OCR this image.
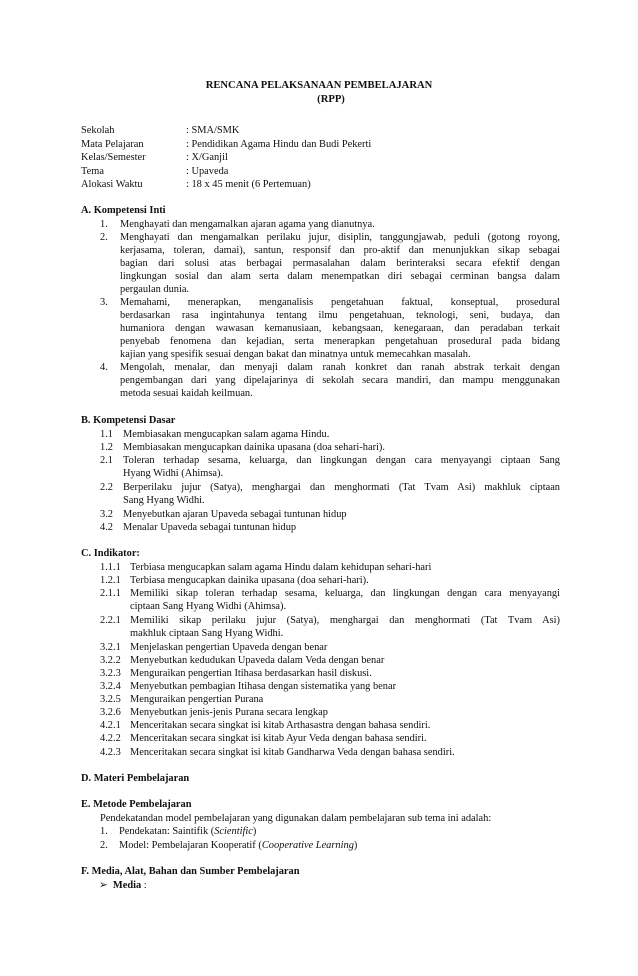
RENCANA PELAKSANAAN PEMBELAJARAN
(RPP)
Sekolah	: SMA/SMK
Mata Pelajaran	: Pendidikan Agama Hindu dan Budi Pekerti
Kelas/Semester	: X/Ganjil
Tema	: Upaveda
Alokasi Waktu	: 18 x 45 menit (6 Pertemuan)
A. Kompetensi Inti
1. Menghayati dan mengamalkan ajaran agama yang dianutnya.
2. Menghayati dan mengamalkan perilaku jujur, disiplin, tanggungjawab, peduli (gotong royong,
kerjasama, toleran, damai), santun, responsif dan pro-aktif dan menunjukkan sikap sebagai
bagian dari solusi atas berbagai permasalahan dalam berinteraksi secara efektif dengan
lingkungan sosial dan alam serta dalam menempatkan diri sebagai cerminan bangsa dalam
pergaulan dunia.
3. Memahami, menerapkan, menganalisis pengetahuan faktual, konseptual, prosedural
berdasarkan rasa ingintahunya tentang ilmu pengetahuan, teknologi, seni, budaya, dan
humaniora dengan wawasan kemanusiaan, kebangsaan, kenegaraan, dan peradaban terkait
penyebab fenomena dan kejadian, serta menerapkan pengetahuan prosedural pada bidang
kajian yang spesifik sesuai dengan bakat dan minatnya untuk memecahkan masalah.
4. Mengolah, menalar, dan menyaji dalam ranah konkret dan ranah abstrak terkait dengan
pengembangan dari yang dipelajarinya di sekolah secara mandiri, dan mampu menggunakan
metoda sesuai kaidah keilmuan.
B. Kompetensi Dasar
1.1 Membiasakan mengucapkan salam agama Hindu.
1.2 Membiasakan mengucapkan dainika upasana (doa sehari-hari).
2.1 Toleran terhadap sesama, keluarga, dan lingkungan dengan cara menyayangi ciptaan Sang
Hyang Widhi (Ahimsa).
2.2 Berperilaku jujur (Satya), menghargai dan menghormati (Tat Tvam Asi) makhluk ciptaan
Sang Hyang Widhi.
3.2 Menyebutkan ajaran Upaveda sebagai tuntunan hidup
4.2 Menalar Upaveda sebagai tuntunan hidup
C. Indikator:
1.1.1 Terbiasa mengucapkan salam agama Hindu dalam kehidupan sehari-hari
1.2.1 Terbiasa mengucapkan dainika upasana (doa sehari-hari).
2.1.1 Memiliki sikap toleran terhadap sesama, keluarga, dan lingkungan dengan cara menyayangi
ciptaan Sang Hyang Widhi (Ahimsa).
2.2.1 Memiliki sikap perilaku jujur (Satya), menghargai dan menghormati (Tat Tvam Asi)
makhluk ciptaan Sang Hyang Widhi.
3.2.1 Menjelaskan pengertian Upaveda dengan benar
3.2.2 Menyebutkan kedudukan Upaveda dalam Veda dengan benar
3.2.3 Menguraikan pengertian Itihasa berdasarkan hasil diskusi.
3.2.4 Menyebutkan pembagian Itihasa dengan sistematika yang benar
3.2.5 Menguraikan pengertian Purana
3.2.6 Menyebutkan jenis-jenis Purana secara lengkap
4.2.1 Menceritakan secara singkat isi kitab Arthasastra dengan bahasa sendiri.
4.2.2 Menceritakan secara singkat isi kitab Ayur Veda dengan bahasa sendiri.
4.2.3 Menceritakan secara singkat isi kitab Gandharwa Veda dengan bahasa sendiri.
D. Materi Pembelajaran
E. Metode Pembelajaran
Pendekatandan model pembelajaran yang digunakan dalam pembelajaran sub tema ini adalah:
1. Pendekatan: Saintifik (Scientific)
2. Model: Pembelajaran Kooperatif (Cooperative Learning)
F. Media, Alat, Bahan dan Sumber Pembelajaran
➢ Media :
